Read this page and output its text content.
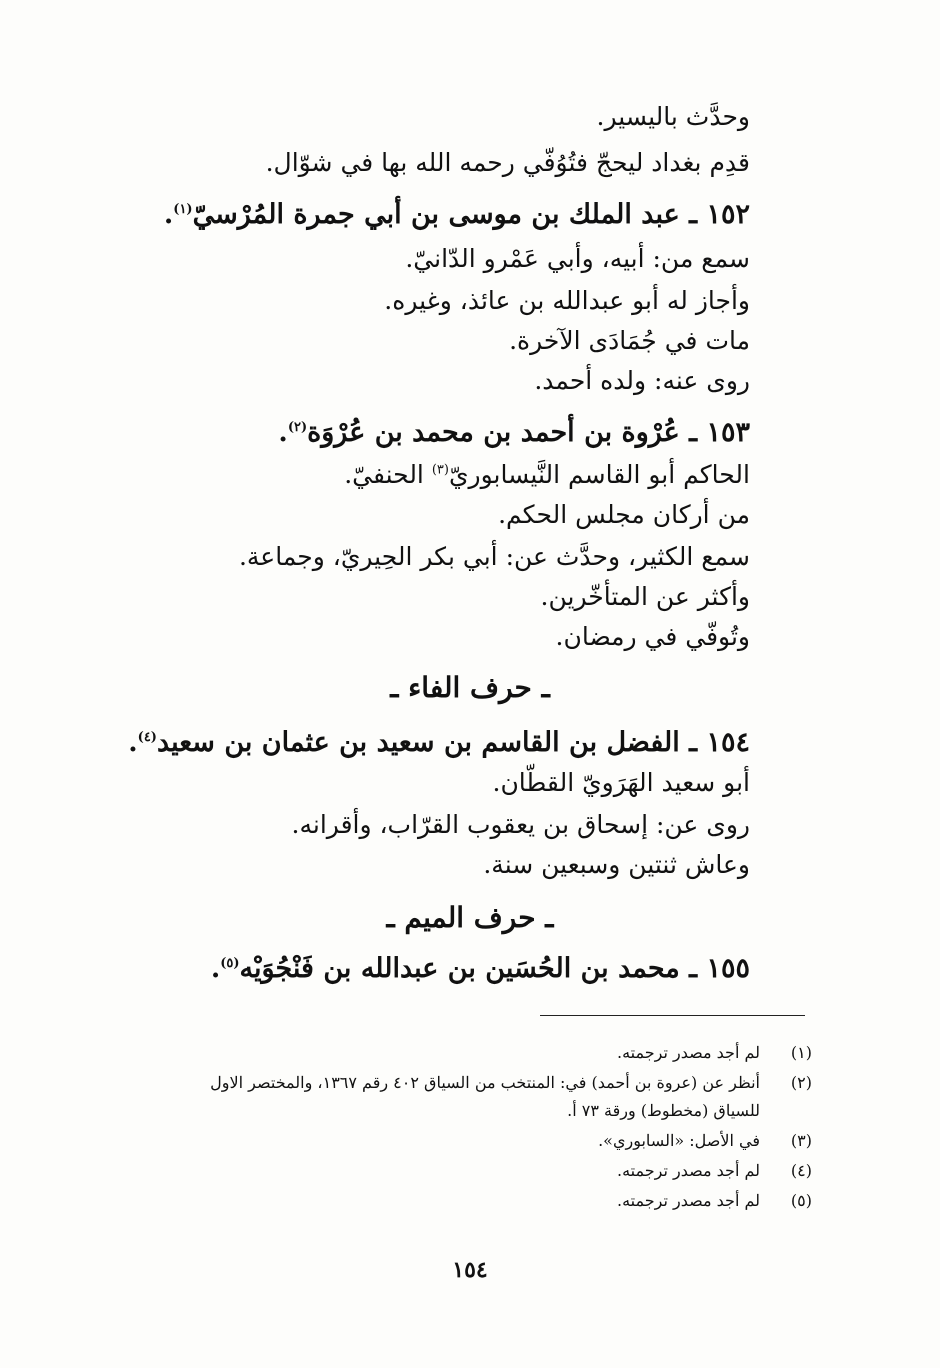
وحدَّث باليسير.
قدِم بغداد ليحجّ فتُوُفّي رحمه الله بها في شوّال.
١٥٢ ـ عبد الملك بن موسى بن أبي جمرة المُرْسيّ$^{(١)}$.
سمع من: أبيه، وأبي عَمْرو الدّانيّ.
وأجاز له أبو عبدالله بن عائذ، وغيره.
مات في جُمَادَى الآخرة.
روى عنه: ولده أحمد.
١٥٣ ـ عُرْوة بن أحمد بن محمد بن عُرْوَة$^{(٢)}$.
الحاكم أبو القاسم النَّيسابوريّ$^{(٣)}$ الحنفيّ.
من أركان مجلس الحكم.
سمع الكثير، وحدَّث عن: أبي بكر الحِيريّ، وجماعة.
وأكثر عن المتأخّرين.
وتُوفّي في رمضان.
ـ حرف الفاء ـ
١٥٤ ـ الفضل بن القاسم بن سعيد بن عثمان بن سعيد$^{(٤)}$.
أبو سعيد الهَرَويّ القطّان.
روى عن: إسحاق بن يعقوب القرّاب، وأقرانه.
وعاش ثنتين وسبعين سنة.
ـ حرف الميم ـ
١٥٥ ـ محمد بن الحُسَين بن عبدالله بن فَنْجُوَيْه$^{(٥)}$.
(١)
لم أجد مصدر ترجمته.
(٢)
أنظر عن (عروة بن أحمد) في: المنتخب من السياق ٤٠٢ رقم ١٣٦٧، والمختصر الاول
للسياق (مخطوط) ورقة ٧٣ أ.
(٣)
في الأصل: «السابوري».
(٤)
لم أجد مصدر ترجمته.
(٥)
لم أجد مصدر ترجمته.
١٥٤
